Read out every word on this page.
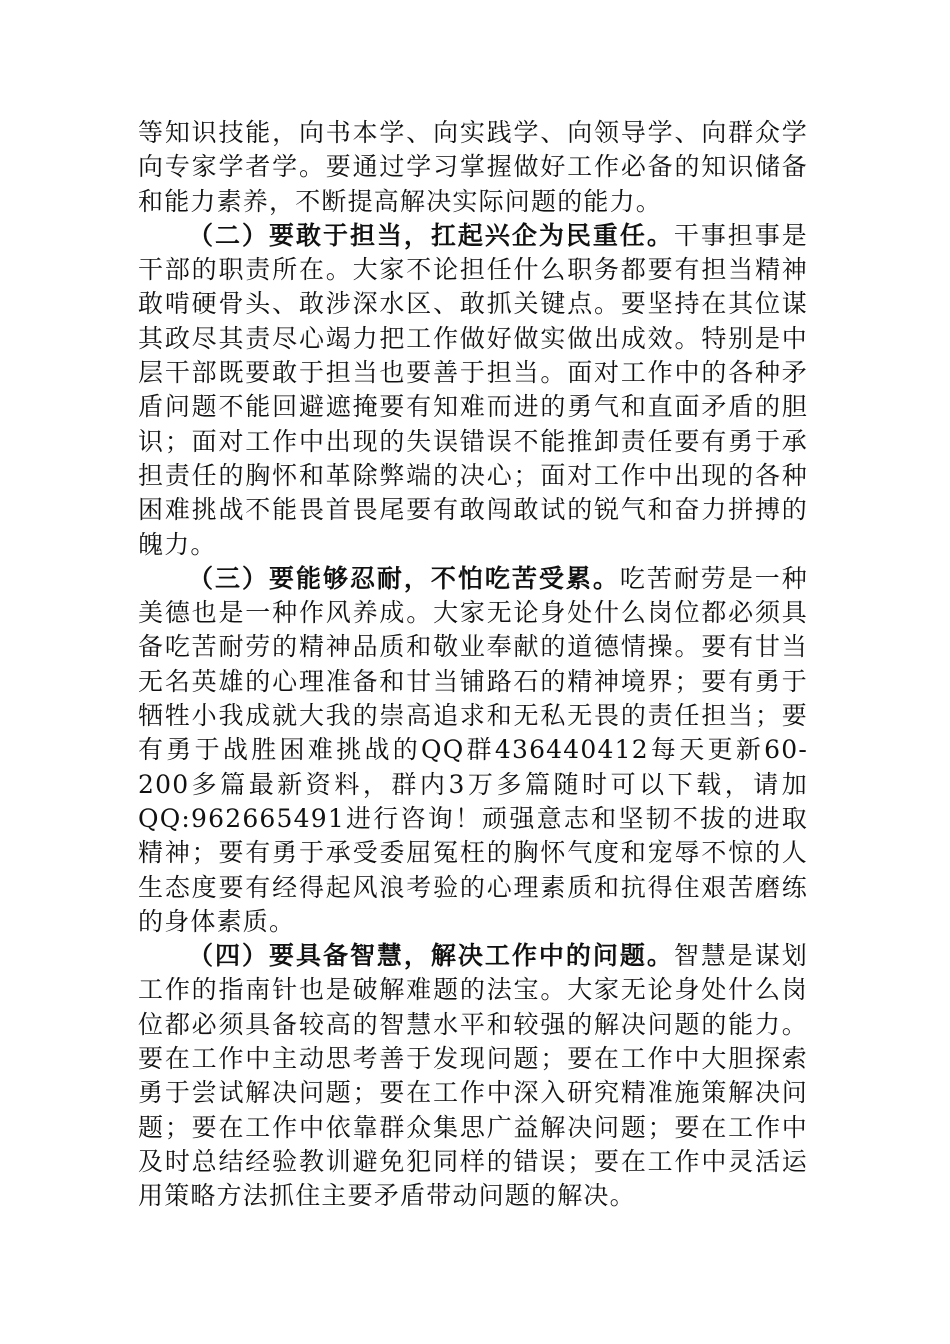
等知识技能，向书本学、向实践学、向领导学、向群众学向专家学者学。要通过学习掌握做好工作必备的知识储备和能力素养，不断提高解决实际问题的能力。

（二）要敢于担当，扛起兴企为民重任。干事担事是干部的职责所在。大家不论担任什么职务都要有担当精神敢啃硬骨头、敢涉深水区、敢抓关键点。要坚持在其位谋其政尽其责尽心竭力把工作做好做实做出成效。特别是中层干部既要敢于担当也要善于担当。面对工作中的各种矛盾问题不能回避遮掩要有知难而进的勇气和直面矛盾的胆识；面对工作中出现的失误错误不能推卸责任要有勇于承担责任的胸怀和革除弊端的决心；面对工作中出现的各种困难挑战不能畏首畏尾要有敢闯敢试的锐气和奋力拼搏的魄力。

（三）要能够忍耐，不怕吃苦受累。吃苦耐劳是一种美德也是一种作风养成。大家无论身处什么岗位都必须具备吃苦耐劳的精神品质和敬业奉献的道德情操。要有甘当无名英雄的心理准备和甘当铺路石的精神境界；要有勇于牺牲小我成就大我的崇高追求和无私无畏的责任担当；要有勇于战胜困难挑战的QQ群436440412每天更新60-200多篇最新资料，群内3万多篇随时可以下载，请加QQ:962665491进行咨询！顽强意志和坚韧不拔的进取精神；要有勇于承受委屈冤枉的胸怀气度和宠辱不惊的人生态度要有经得起风浪考验的心理素质和抗得住艰苦磨练的身体素质。

（四）要具备智慧，解决工作中的问题。智慧是谋划工作的指南针也是破解难题的法宝。大家无论身处什么岗位都必须具备较高的智慧水平和较强的解决问题的能力。要在工作中主动思考善于发现问题；要在工作中大胆探索勇于尝试解决问题；要在工作中深入研究精准施策解决问题；要在工作中依靠群众集思广益解决问题；要在工作中及时总结经验教训避免犯同样的错误；要在工作中灵活运用策略方法抓住主要矛盾带动问题的解决。
